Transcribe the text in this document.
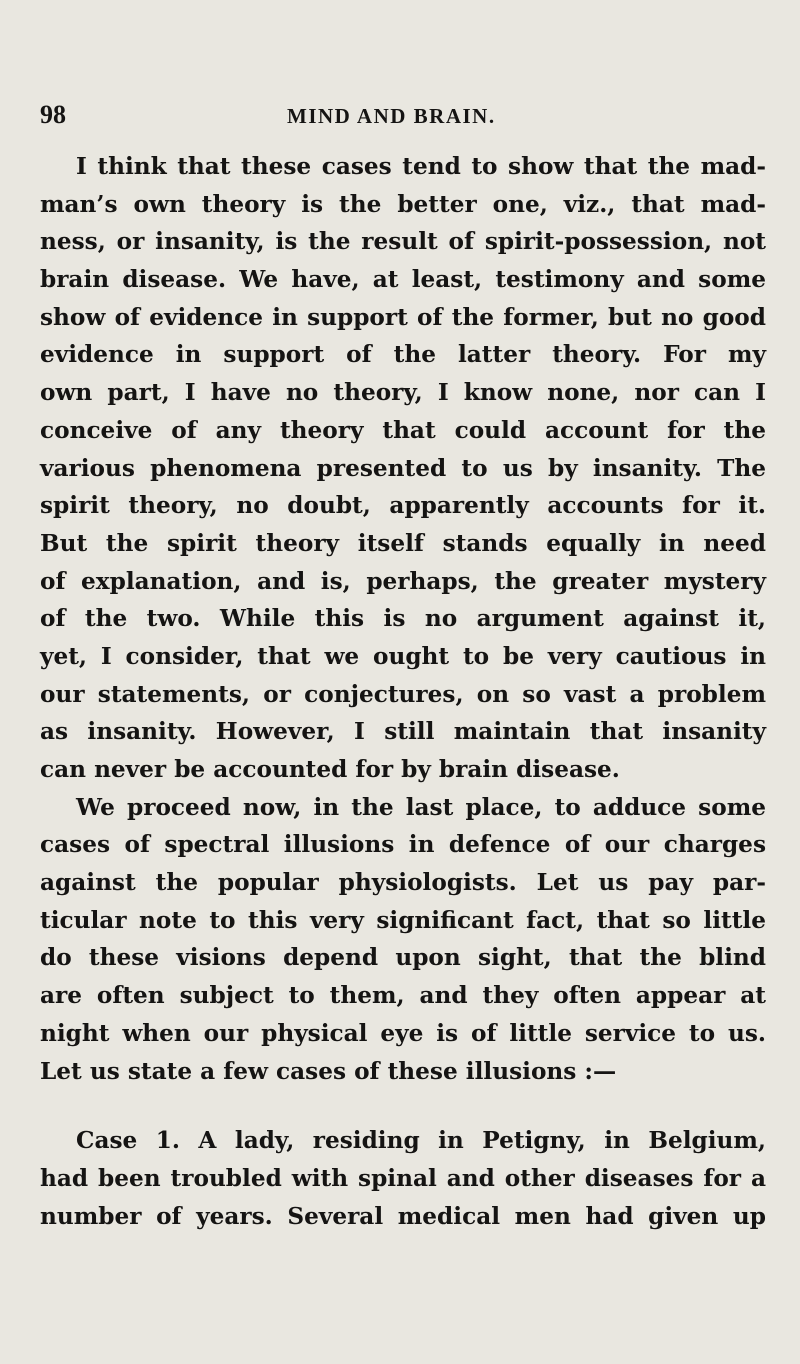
98	MIND AND BRAIN.
I think that these cases tend to show that the mad-
man’s own theory is the better one, viz., that mad-
ness, or insanity, is the result of spirit-possession, not
brain disease. We have, at least, testimony and some
show of evidence in support of the former, but no good
evidence in support of the latter theory. For my
own part, I have no theory, I know none, nor can I
conceive of any theory that could account for the
various phenomena presented to us by insanity. The
spirit theory, no doubt, apparently accounts for it.
But the spirit theory itself stands equally in need
of explanation, and is, perhaps, the greater mystery
of the two. While this is no argument against it,
yet, I consider, that we ought to be very cautious in
our statements, or conjectures, on so vast a problem
as insanity. However, I still maintain that insanity
can never be accounted for by brain disease.
We proceed now, in the last place, to adduce some
cases of spectral illusions in defence of our charges
against the popular physiologists. Let us pay par-
ticular note to this very significant fact, that so little
do these visions depend upon sight, that the blind
are often subject to them, and they often appear at
night when our physical eye is of little service to us.
Let us state a few cases of these illusions :—
Case 1. A lady, residing in Petigny, in Belgium,
had been troubled with spinal and other diseases for a
number of years. Several medical men had given up
